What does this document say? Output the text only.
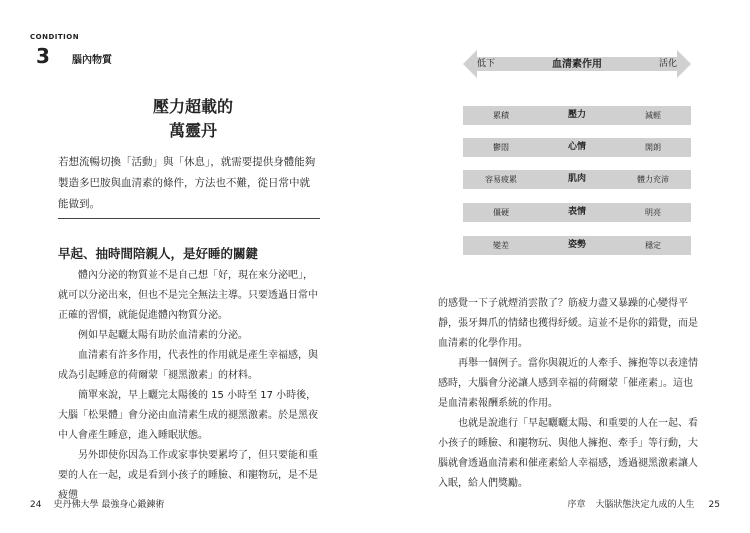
CONDITION
3 腦內物質
壓力超載的
萬靈丹
若想流暢切換「活動」與「休息」，就需要提供身體能夠製造多巴胺與血清素的條件，方法也不難，從日常中就能做到。
早起、抽時間陪親人，是好睡的關鍵
體內分泌的物質並不是自己想「好，現在來分泌吧」，就可以分泌出來，但也不是完全無法主導。只要透過日常中正確的習慣，就能促進體內物質分泌。
例如早起曬太陽有助於血清素的分泌。
血清素有許多作用，代表性的作用就是產生幸福感，與成為引起睡意的荷爾蒙「褪黑激素」的材料。
簡單來說，早上曬完太陽後的 15 小時至 17 小時後，大腦「松果體」會分泌由血清素生成的褪黑激素。於是黑夜中人會產生睡意，進入睡眠狀態。
另外即使你因為工作或家事快要累垮了，但只要能和重要的人在一起，或是看到小孩子的睡臉、和寵物玩，是不是疲憊
24 史丹佛大學 最強身心鍛鍊術
低下	血清素作用	活化
累積	壓力	減輕
鬱悶	心情	開朗
容易疲累	肌肉	體力充沛
僵硬	表情	明亮
變差	姿勢	穩定
的感覺一下子就煙消雲散了？筋疲力盡又暴躁的心變得平靜，張牙舞爪的情緒也獲得紓緩。這並不是你的錯覺，而是血清素的化學作用。
再舉一個例子。當你與親近的人牽手、擁抱等以表達情感時，大腦會分泌讓人感到幸福的荷爾蒙「催產素」。這也是血清素報酬系統的作用。
也就是說進行「早起曬曬太陽、和重要的人在一起、看小孩子的睡臉、和寵物玩、與他人擁抱、牽手」等行動，大腦就會透過血清素和催產素給人幸福感，透過褪黑激素讓人入眠，給人們獎勵。
序章 大腦狀態決定九成的人生 25
